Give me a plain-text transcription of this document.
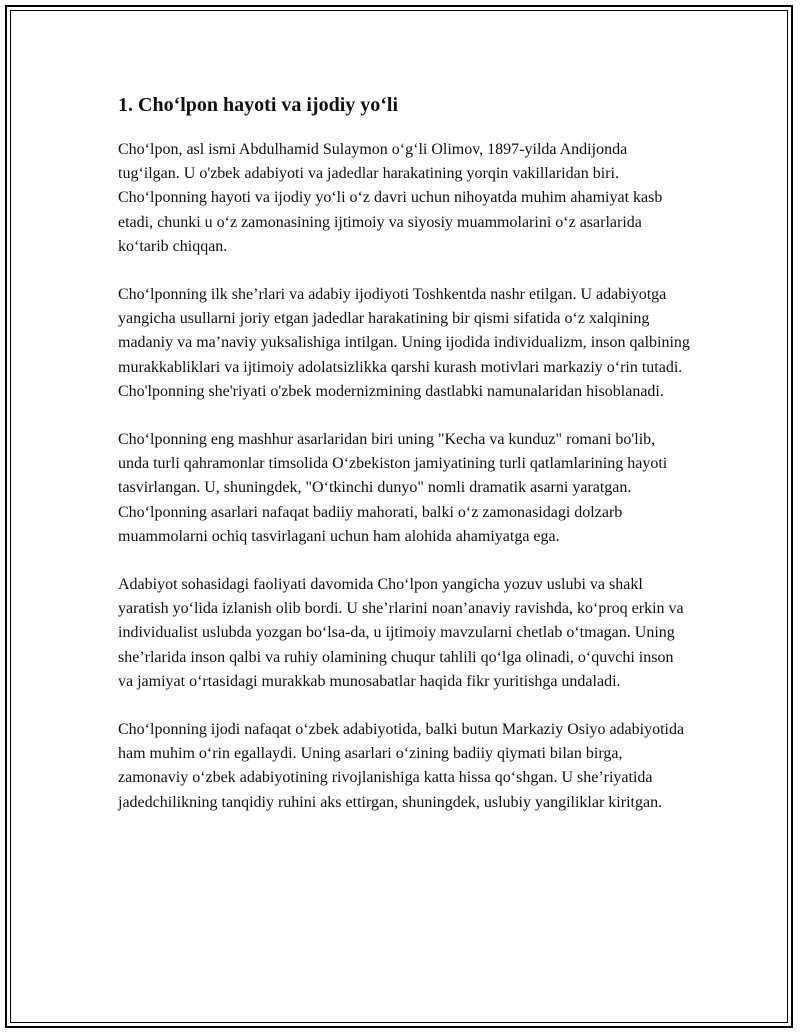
1. Cho‘lpon hayoti va ijodiy yo‘li

Cho‘lpon, asl ismi Abdulhamid Sulaymon o‘g‘li Olimov, 1897-yilda Andijonda tug‘ilgan. U o'zbek adabiyoti va jadedlar harakatining yorqin vakillaridan biri. Cho‘lponning hayoti va ijodiy yo‘li o‘z davri uchun nihoyatda muhim ahamiyat kasb etadi, chunki u o‘z zamonasining ijtimoiy va siyosiy muammolarini o‘z asarlarida ko‘tarib chiqqan.

Cho‘lponning ilk she’rlari va adabiy ijodiyoti Toshkentda nashr etilgan. U adabiyotga yangicha usullarni joriy etgan jadedlar harakatining bir qismi sifatida o‘z xalqining madaniy va ma’naviy yuksalishiga intilgan. Uning ijodida individualizm, inson qalbining murakkabliklari va ijtimoiy adolatsizlikka qarshi kurash motivlari markaziy o‘rin tutadi. Cho'lponning she'riyati o'zbek modernizmining dastlabki namunalaridan hisoblanadi.

Cho‘lponning eng mashhur asarlaridan biri uning "Kecha va kunduz" romani bo'lib, unda turli qahramonlar timsolida O‘zbekiston jamiyatining turli qatlamlarining hayoti tasvirlangan. U, shuningdek, "O‘tkinchi dunyo" nomli dramatik asarni yaratgan. Cho‘lponning asarlari nafaqat badiiy mahorati, balki o‘z zamonasidagi dolzarb muammolarni ochiq tasvirlagani uchun ham alohida ahamiyatga ega.

Adabiyot sohasidagi faoliyati davomida Cho‘lpon yangicha yozuv uslubi va shakl yaratish yo‘lida izlanish olib bordi. U she’rlarini noan’anaviy ravishda, ko‘proq erkin va individualist uslubda yozgan bo‘lsa-da, u ijtimoiy mavzularni chetlab o‘tmagan. Uning she’rlarida inson qalbi va ruhiy olamining chuqur tahlili qo‘lga olinadi, o‘quvchi inson va jamiyat o‘rtasidagi murakkab munosabatlar haqida fikr yuritishga undaladi.

Cho‘lponning ijodi nafaqat o‘zbek adabiyotida, balki butun Markaziy Osiyo adabiyotida ham muhim o‘rin egallaydi. Uning asarlari o‘zining badiiy qiymati bilan birga, zamonaviy o‘zbek adabiyotining rivojlanishiga katta hissa qo‘shgan. U she’riyatida jadedchilikning tanqidiy ruhini aks ettirgan, shuningdek, uslubiy yangiliklar kiritgan.
